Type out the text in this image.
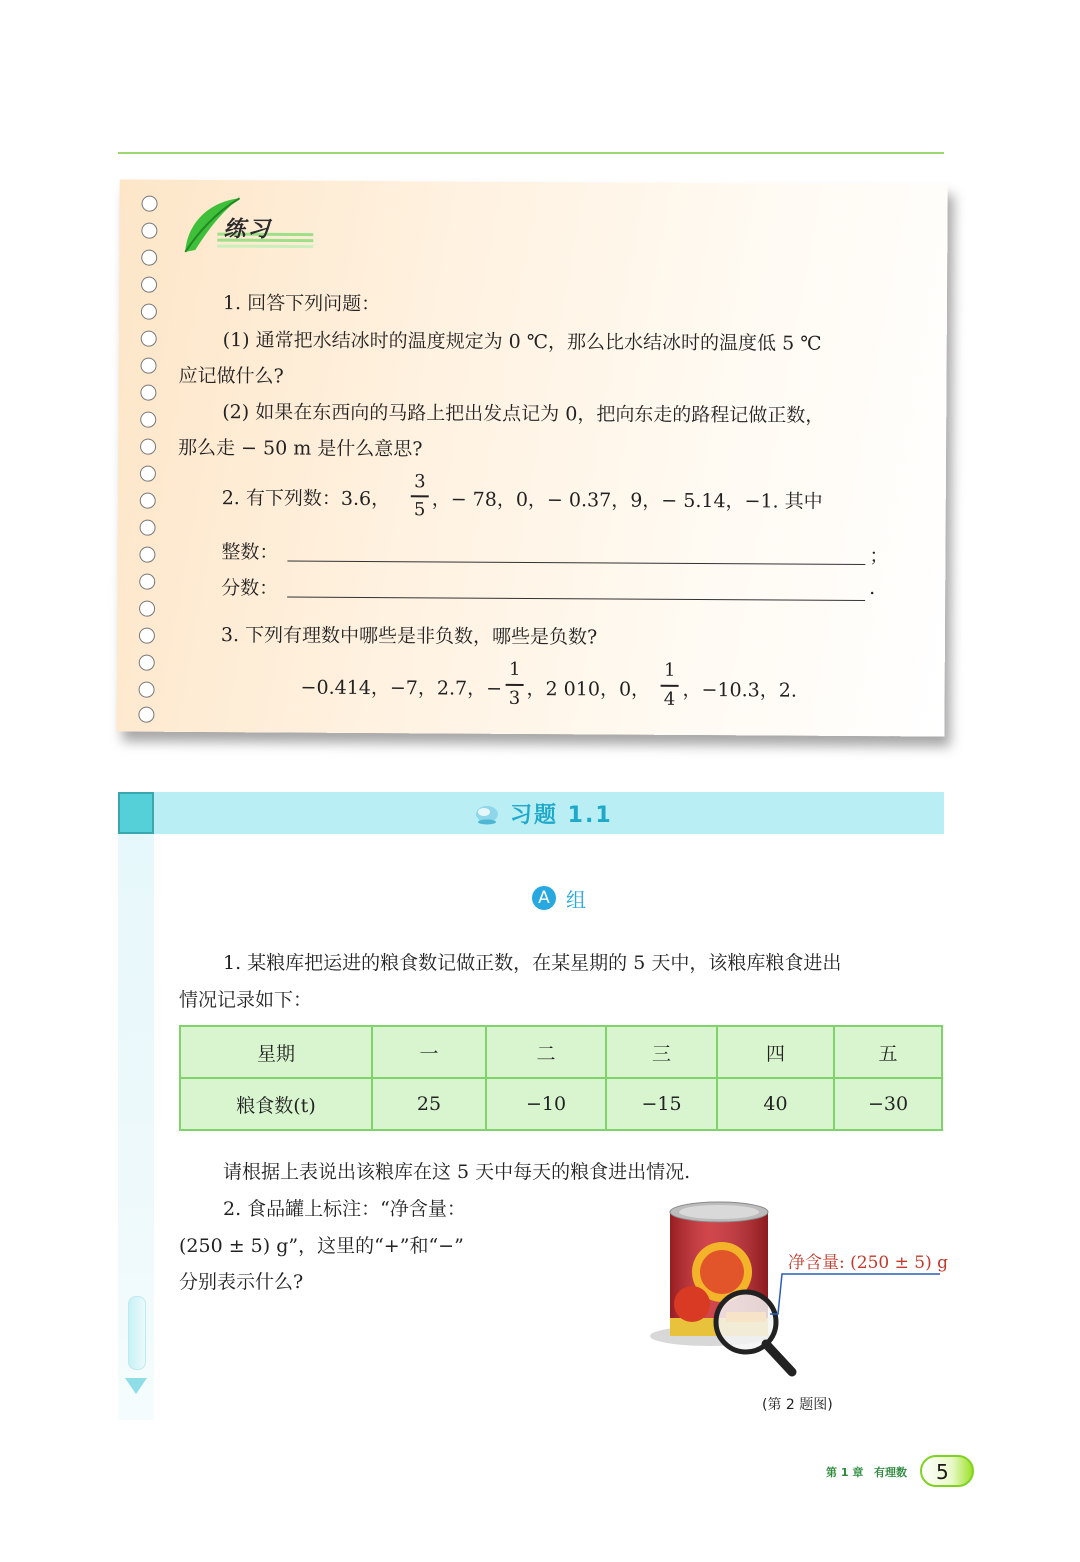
练习
1. 回答下列问题：
(1) 通常把水结冰时的温度规定为 0 ℃，那么比水结冰时的温度低 5 ℃
应记做什么?
(2) 如果在东西向的马路上把出发点记为 0，把向东走的路程记做正数，
那么走 − 50 m 是什么意思?
2. 有下列数：3.6，
3
5 ，− 78，0，− 0.37，9，− 5.14，−1. 其中
整数：	；
分数：	.
3. 下列有理数中哪些是非负数，哪些是负数?
−0.414，−7，2.7，−
1
3 ，2 010，0，
1
4 ，−10.3，2.
习题 1.1
A 组
1. 某粮库把运进的粮食数记做正数，在某星期的 5 天中，该粮库粮食进出
情况记录如下：
星期	一	二	三	四	五
粮食数(t)	25	−10	−15	40	−30
请根据上表说出该粮库在这 5 天中每天的粮食进出情况.
2. 食品罐上标注：“净含量：
(250 ± 5) g”，这里的“+”和“−”
分别表示什么?
净含量: (250 ± 5) g
(第 2 题图)
第 1 章 有理数 5
